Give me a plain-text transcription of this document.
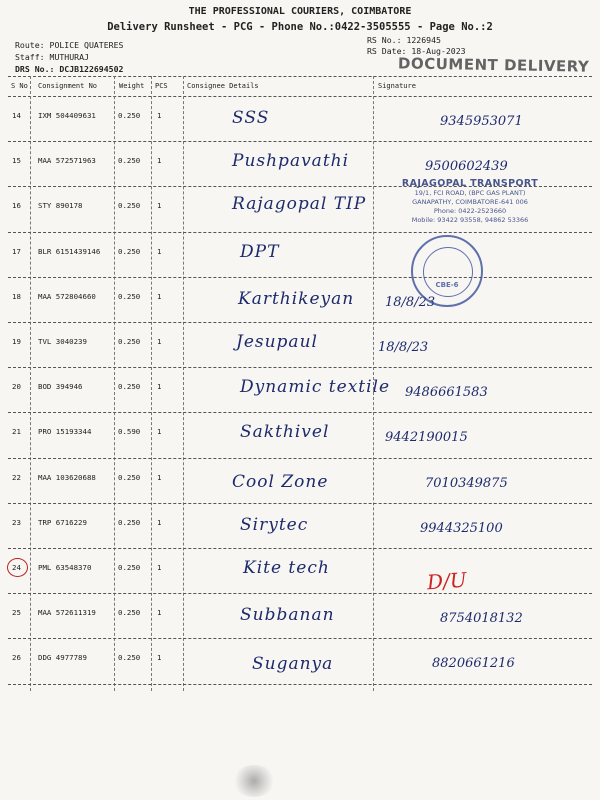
THE PROFESSIONAL COURIERS, COIMBATORE
Delivery Runsheet - PCG - Phone No.:0422-3505555 - Page No.:2
Route: POLICE QUATERES
Staff: MUTHURAJ
DRS No.: DCJB122694502
RS No.: 1226945
RS Date: 18-Aug-2023
DOCUMENT DELIVERY
S No Consignment No	Weight PCS	Consignee Details	Signature
14 IXM 504409631	0.250 1	SSS	9345953071
15 MAA 572571963	0.250 1	Pushpavathi	9500602439
16 STY 890178	0.250 1	Rajagopal TIP
17 BLR 6151439146 0.250 1	DPT
18 MAA 572804660	0.250 1	Karthikeyan 18/8/23
19 TVL 3040239	0.250 1	Jesupaul	18/8/23
20 BOD 394946	0.250 1	Dynamic textile 9486661583
21 PRO 15193344	0.590 1	Sakthivel	9442190015
22 MAA 103620688	0.250 1	Cool Zone	7010349875
23 TRP 6716229	0.250 1	Sirytec	9944325100
24 PML 63548370	0.250 1	Kite tech
25 MAA 572611319	0.250 1	Subbanan	8754018132
26 DDG 4977789	0.250 1	Suganya	8820661216
D/U
RAJAGOPAL TRANSPORT
19/1, FCI ROAD, (BPC GAS PLANT)
GANAPATHY, COIMBATORE-641 006
Phone: 0422-2523660
Mobile: 93422 93558, 94862 53366
CBE-6
